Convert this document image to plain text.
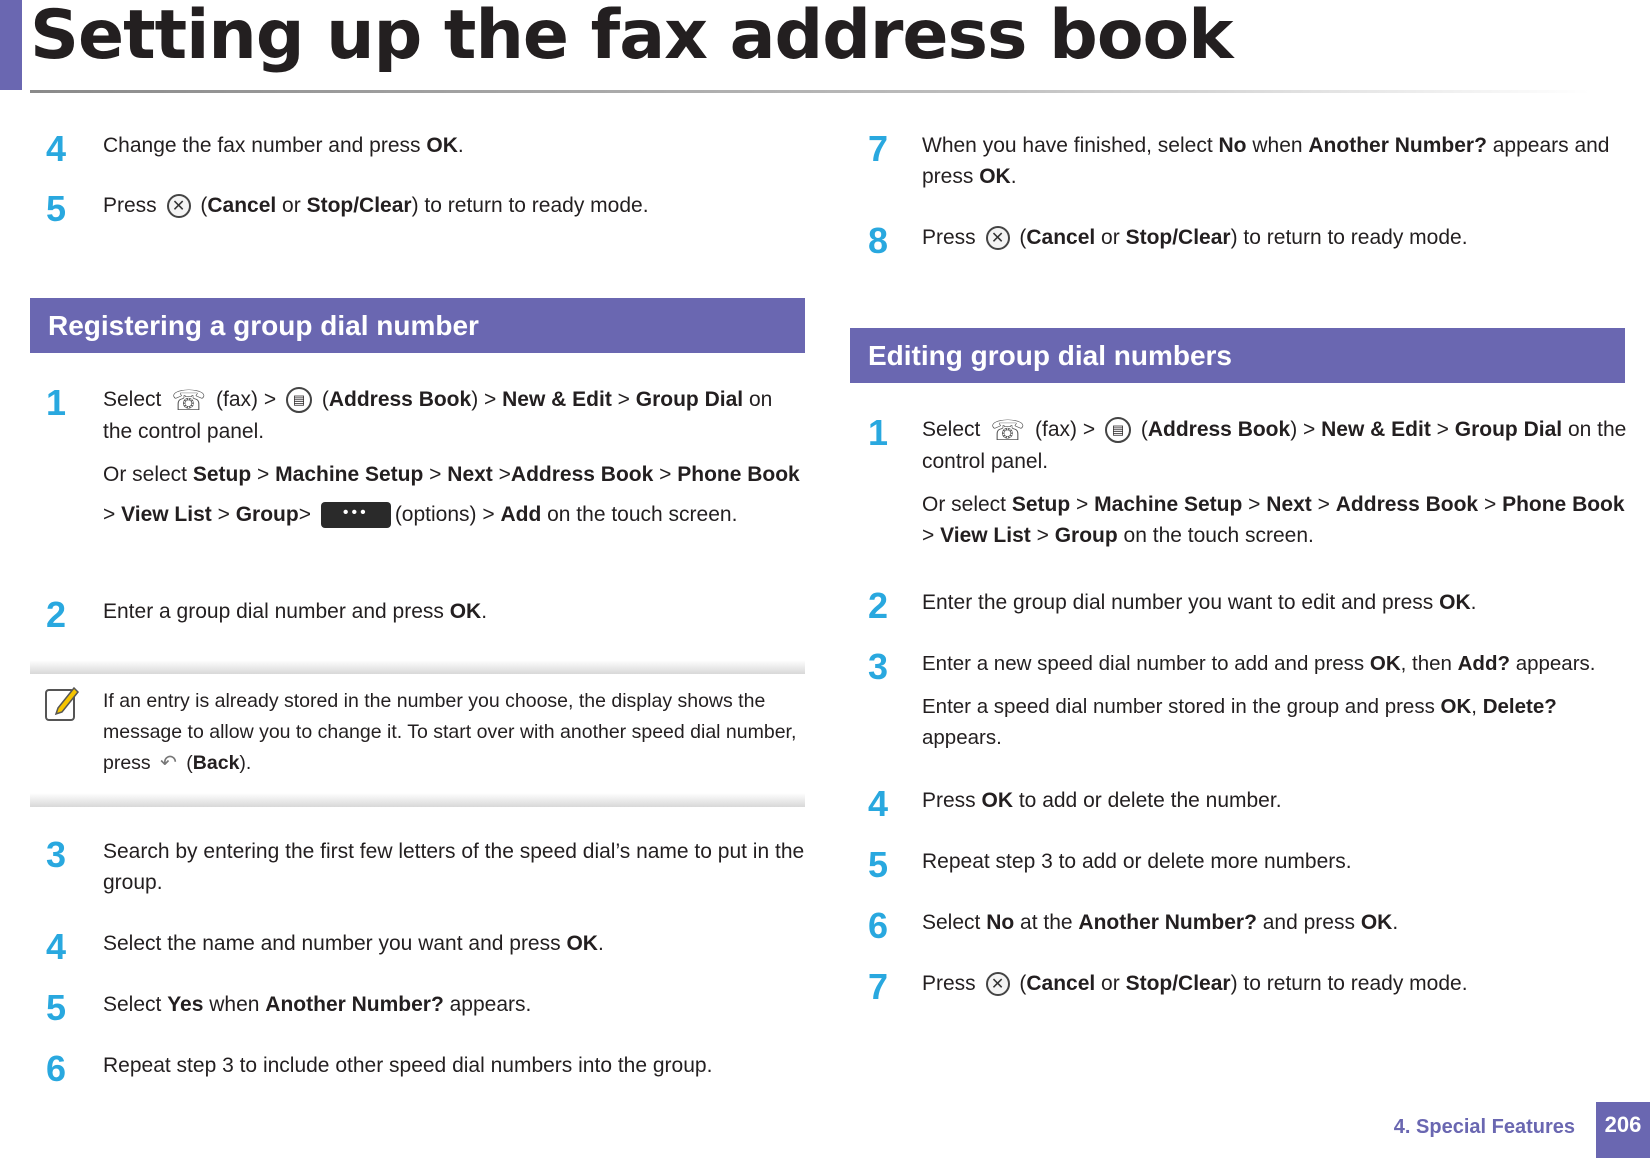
Setting up the fax address book
4	Change the fax number and press OK.
5	Press ✕ (Cancel or Stop/Clear) to return to ready mode.
Registering a group dial number
1	Select ☏ (fax) > ▤ (Address Book) > New & Edit > Group Dial on the control panel.

Or select Setup > Machine Setup > Next >Address Book > Phone Book > View List > Group> ••• (options) > Add on the touch screen.

2	Enter a group dial number and press OK.
If an entry is already stored in the number you choose, the display shows the message to allow you to change it. To start over with another speed dial number, press ↶ (Back).
3	Search by entering the first few letters of the speed dial’s name to put in the group.
4	Select the name and number you want and press OK.
5	Select Yes when Another Number? appears.
6	Repeat step 3 to include other speed dial numbers into the group.
7	When you have finished, select No when Another Number? appears and press OK.
8	Press ✕ (Cancel or Stop/Clear) to return to ready mode.
Editing group dial numbers
1	Select ☏ (fax) > ▤ (Address Book) > New & Edit > Group Dial on the control panel.

Or select Setup > Machine Setup > Next > Address Book > Phone Book > View List > Group on the touch screen.

2	Enter the group dial number you want to edit and press OK.
3	Enter a new speed dial number to add and press OK, then Add? appears.

Enter a speed dial number stored in the group and press OK, Delete? appears.

4	Press OK to add or delete the number.
5	Repeat step 3 to add or delete more numbers.
6	Select No at the Another Number? and press OK.
7	Press ✕ (Cancel or Stop/Clear) to return to ready mode.
4. Special Features	206
